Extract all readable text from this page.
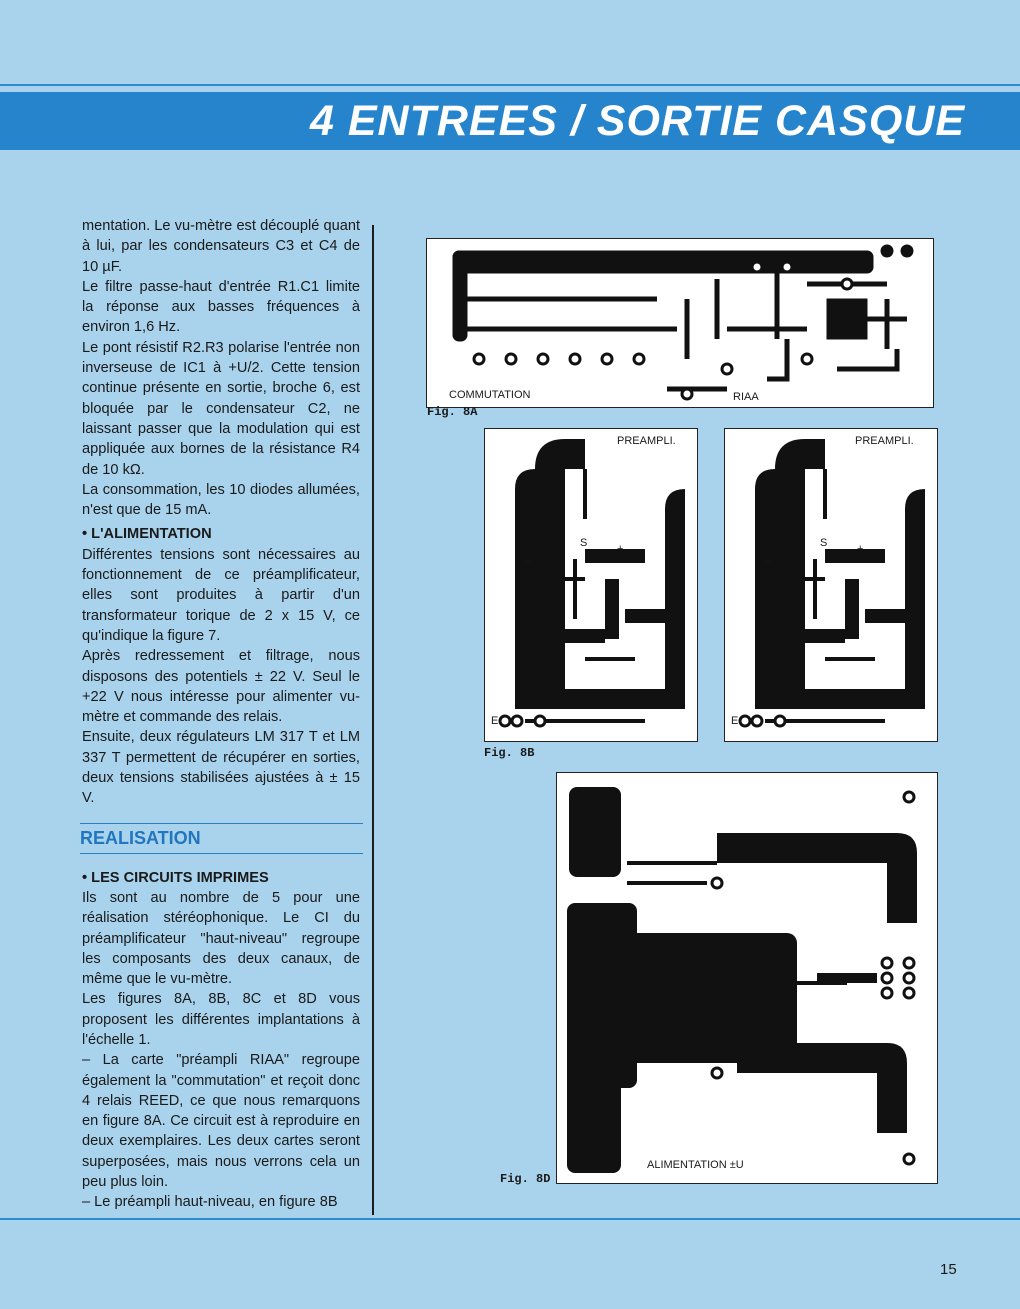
4 ENTREES / SORTIE CASQUE

mentation. Le vu-mètre est découplé quant à lui, par les condensateurs C3 et C4 de 10 µF.

Le filtre passe-haut d'entrée R1.C1 limite la réponse aux basses fréquences à environ 1,6 Hz.

Le pont résistif R2.R3 polarise l'entrée non inverseuse de IC1 à +U/2. Cette tension continue présente en sortie, broche 6, est bloquée par le condensateur C2, ne laissant passer que la modulation qui est appliquée aux bornes de la résistance R4 de 10 kΩ.

La consommation, les 10 diodes allumées, n'est que de 15 mA.

• L'ALIMENTATION

Différentes tensions sont nécessaires au fonctionnement de ce préamplificateur, elles sont produites à partir d'un transformateur torique de 2 x 15 V, ce qu'indique la figure 7.

Après redressement et filtrage, nous disposons des potentiels ± 22 V. Seul le +22 V nous intéresse pour alimenter vu-mètre et commande des relais.

Ensuite, deux régulateurs LM 317 T et LM 337 T permettent de récupérer en sorties, deux tensions stabilisées ajustées à ± 15 V.

REALISATION

• LES CIRCUITS IMPRIMES

Ils sont au nombre de 5 pour une réalisation stéréophonique. Le CI du préamplificateur "haut-niveau" regroupe les composants des deux canaux, de même que le vu-mètre.

Les figures 8A, 8B, 8C et 8D vous proposent les différentes implantations à l'échelle 1.

– La carte "préampli RIAA" regroupe également la "commutation" et reçoit donc 4 relais REED, ce que nous remarquons en figure 8A. Ce circuit est à reproduire en deux exemplaires. Les deux cartes seront superposées, mais nous verrons cela un peu plus loin.

– Le préampli haut-niveau, en figure 8B

COMMUTATION	RIAA
Fig. 8A
PREAMPLI.
S	+
–
E
PREAMPLI.
S	+
–
E
Fig. 8B
ALIMENTATION ±U
Fig. 8D
15
